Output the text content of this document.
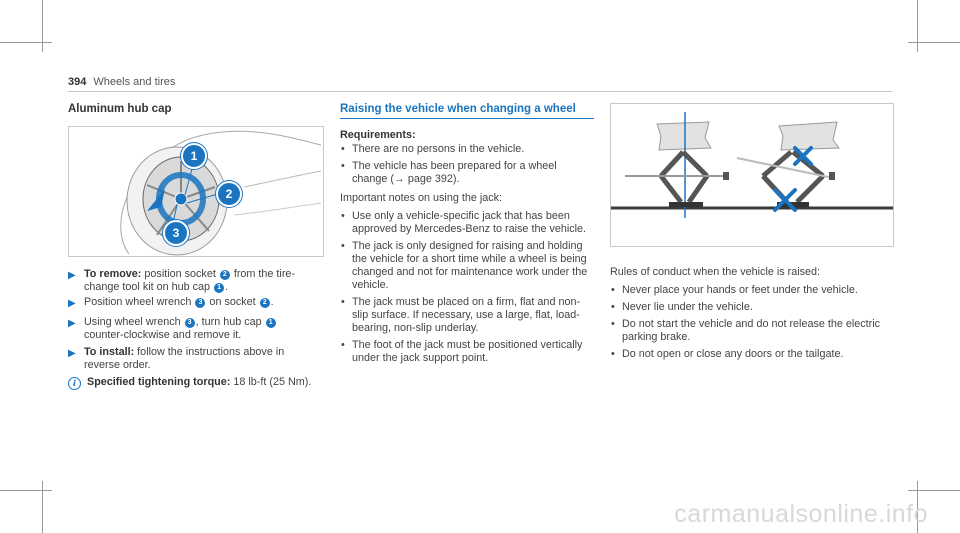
394 Wheels and tires
Aluminum hub cap
1
2
3
▶ To remove: position socket 2 from the tire-change tool kit on hub cap 1 .
▶ Position wheel wrench 3 on socket 2 .
▶ Using wheel wrench 3 , turn hub cap 1 counter-clockwise and remove it.
▶ To install: follow the instructions above in reverse order.
i Specified tightening torque: 18 lb-ft (25 Nm).
Raising the vehicle when changing a wheel
Requirements:
• There are no persons in the vehicle.
• The vehicle has been prepared for a wheel change (→ page 392).
Important notes on using the jack:
• Use only a vehicle-specific jack that has been approved by Mercedes-Benz to raise the vehicle.
• The jack is only designed for raising and holding the vehicle for a short time while a wheel is being changed and not for maintenance work under the vehicle.
• The jack must be placed on a firm, flat and non-slip surface. If necessary, use a large, flat, load-bearing, non-slip underlay.
• The foot of the jack must be positioned vertically under the jack support point.
Rules of conduct when the vehicle is raised:
• Never place your hands or feet under the vehicle.
• Never lie under the vehicle.
• Do not start the vehicle and do not release the electric parking brake.
• Do not open or close any doors or the tailgate.
carmanualsonline.info
